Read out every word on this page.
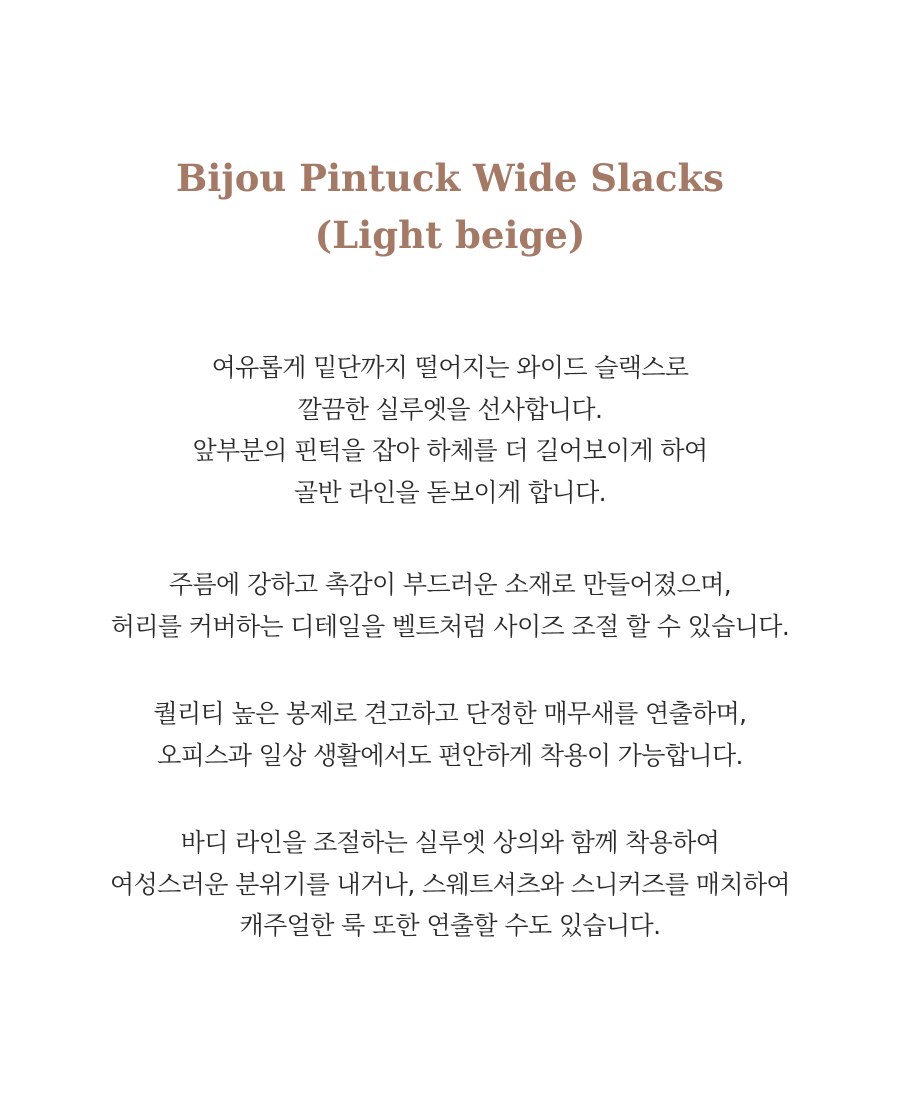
Bijou Pintuck Wide Slacks
(Light beige)

여유롭게 밑단까지 떨어지는 와이드 슬랙스로
깔끔한 실루엣을 선사합니다.
앞부분의 핀턱을 잡아 하체를 더 길어보이게 하여
골반 라인을 돋보이게 합니다.

주름에 강하고 촉감이 부드러운 소재로 만들어졌으며,
허리를 커버하는 디테일을 벨트처럼 사이즈 조절 할 수 있습니다.

퀄리티 높은 봉제로 견고하고 단정한 매무새를 연출하며,
오피스과 일상 생활에서도 편안하게 착용이 가능합니다.

바디 라인을 조절하는 실루엣 상의와 함께 착용하여
여성스러운 분위기를 내거나, 스웨트셔츠와 스니커즈를 매치하여
캐주얼한 룩 또한 연출할 수도 있습니다.
